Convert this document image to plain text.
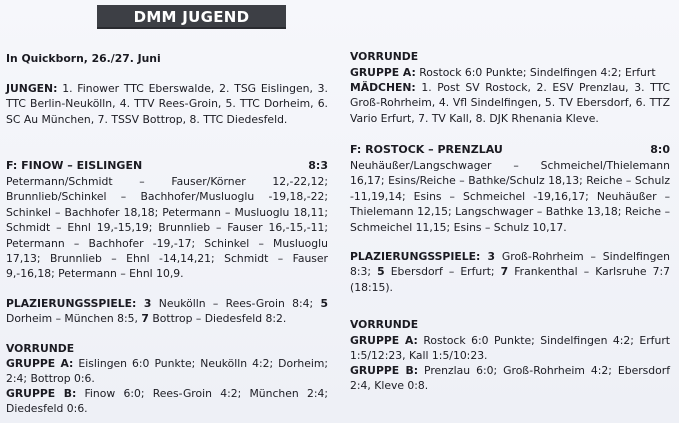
DMM JUGEND

In Quickborn, 26./27. Juni

JUNGEN: 1. Finower TTC Eberswalde, 2. TSG Eislingen, 3. TTC Berlin-Neukölln, 4. TTV Rees-Groin, 5. TTC Dorheim, 6. SC Au München, 7. TSSV Bottrop, 8. TTC Diedesfeld.

F: FINOW – EISLINGEN	8:3

Petermann/Schmidt – Fauser/Körner 12,-22,12; Brunnlieb/Schinkel – Bachhofer/Musluoglu -19,18,-22; Schinkel – Bachhofer 18,18; Petermann – Musluoglu 18,11; Schmidt – Ehnl 19,-15,19; Brunnlieb – Fauser 16,-15,-11; Petermann – Bachhofer -19,-17; Schinkel – Musluoglu 17,13; Brunnlieb – Ehnl -14,14,21; Schmidt – Fauser 9,-16,18; Petermann – Ehnl 10,9.

PLAZIERUNGSSPIELE: 3 Neukölln – Rees-Groin 8:4; 5 Dorheim – München 8:5, 7 Bottrop – Diedesfeld 8:2.

VORRUNDE

GRUPPE A: Eislingen 6:0 Punkte; Neukölln 4:2; Dorheim; 2:4; Bottrop 0:6.

GRUPPE B: Finow 6:0; Rees-Groin 4:2; München 2:4; Diedesfeld 0:6.

VORRUNDE

GRUPPE A: Rostock 6:0 Punkte; Sindelfingen 4:2; Erfurt

MÄDCHEN: 1. Post SV Rostock, 2. ESV Prenzlau, 3. TTC Groß-Rohrheim, 4. Vfl Sindelfingen, 5. TV Ebersdorf, 6. TTZ Vario Erfurt, 7. TV Kall, 8. DJK Rhenania Kleve.

F: ROSTOCK – PRENZLAU	8:0

Neuhäußer/Langschwager – Schmeichel/Thielemann 16,17; Esins/Reiche – Bathke/Schulz 18,13; Reiche – Schulz -11,19,14; Esins – Schmeichel -19,16,17; Neuhäußer – Thielemann 12,15; Langschwager – Bathke 13,18; Reiche – Schmeichel 11,15; Esins – Schulz 10,17.

PLAZIERUNGSSPIELE: 3 Groß-Rohrheim – Sindelfingen 8:3; 5 Ebersdorf – Erfurt; 7 Frankenthal – Karlsruhe 7:7 (18:15).

VORRUNDE

GRUPPE A: Rostock 6:0 Punkte; Sindelfingen 4:2; Erfurt 1:5/12:23, Kall 1:5/10:23.

GRUPPE B: Prenzlau 6:0; Groß-Rohrheim 4:2; Ebersdorf 2:4, Kleve 0:8.
